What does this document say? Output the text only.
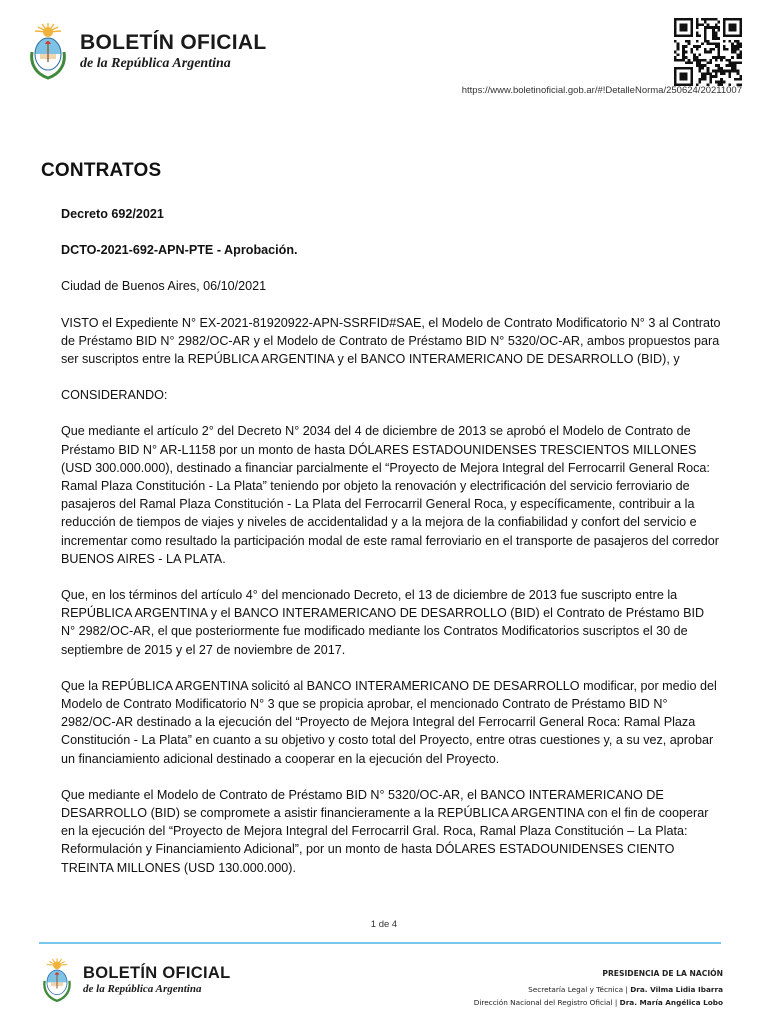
BOLETÍN OFICIAL
de la República Argentina
https://www.boletinoficial.gob.ar/#!DetalleNorma/250624/20211007
CONTRATOS

Decreto 692/2021

DCTO-2021-692-APN-PTE - Aprobación.

Ciudad de Buenos Aires, 06/10/2021

VISTO el Expediente N° EX-2021-81920922-APN-SSRFID#SAE, el Modelo de Contrato Modificatorio N° 3 al Contrato de Préstamo BID N° 2982/OC-AR y el Modelo de Contrato de Préstamo BID N° 5320/OC-AR, ambos propuestos para ser suscriptos entre la REPÚBLICA ARGENTINA y el BANCO INTERAMERICANO DE DESARROLLO (BID), y

CONSIDERANDO:

Que mediante el artículo 2° del Decreto N° 2034 del 4 de diciembre de 2013 se aprobó el Modelo de Contrato de Préstamo BID N° AR-L1158 por un monto de hasta DÓLARES ESTADOUNIDENSES TRESCIENTOS MILLONES (USD 300.000.000), destinado a financiar parcialmente el “Proyecto de Mejora Integral del Ferrocarril General Roca: Ramal Plaza Constitución - La Plata” teniendo por objeto la renovación y electrificación del servicio ferroviario de pasajeros del Ramal Plaza Constitución - La Plata del Ferrocarril General Roca, y específicamente, contribuir a la reducción de tiempos de viajes y niveles de accidentalidad y a la mejora de la confiabilidad y confort del servicio e incrementar como resultado la participación modal de este ramal ferroviario en el transporte de pasajeros del corredor BUENOS AIRES - LA PLATA.

Que, en los términos del artículo 4° del mencionado Decreto, el 13 de diciembre de 2013 fue suscripto entre la REPÚBLICA ARGENTINA y el BANCO INTERAMERICANO DE DESARROLLO (BID) el Contrato de Préstamo BID N° 2982/OC-AR, el que posteriormente fue modificado mediante los Contratos Modificatorios suscriptos el 30 de septiembre de 2015 y el 27 de noviembre de 2017.

Que la REPÚBLICA ARGENTINA solicitó al BANCO INTERAMERICANO DE DESARROLLO modificar, por medio del Modelo de Contrato Modificatorio N° 3 que se propicia aprobar, el mencionado Contrato de Préstamo BID N° 2982/OC-AR destinado a la ejecución del “Proyecto de Mejora Integral del Ferrocarril General Roca: Ramal Plaza Constitución - La Plata” en cuanto a su objetivo y costo total del Proyecto, entre otras cuestiones y, a su vez, aprobar un financiamiento adicional destinado a cooperar en la ejecución del Proyecto.

Que mediante el Modelo de Contrato de Préstamo BID N° 5320/OC-AR, el BANCO INTERAMERICANO DE DESARROLLO (BID) se compromete a asistir financieramente a la REPÚBLICA ARGENTINA con el fin de cooperar en la ejecución del “Proyecto de Mejora Integral del Ferrocarril Gral. Roca, Ramal Plaza Constitución – La Plata: Reformulación y Financiamiento Adicional”, por un monto de hasta DÓLARES ESTADOUNIDENSES CIENTO TREINTA MILLONES (USD 130.000.000).

1 de 4
BOLETÍN OFICIAL
de la República Argentina
PRESIDENCIA DE LA NACIÓN
Secretaría Legal y Técnica | Dra. Vilma Lidia Ibarra
Dirección Nacional del Registro Oficial | Dra. María Angélica Lobo
